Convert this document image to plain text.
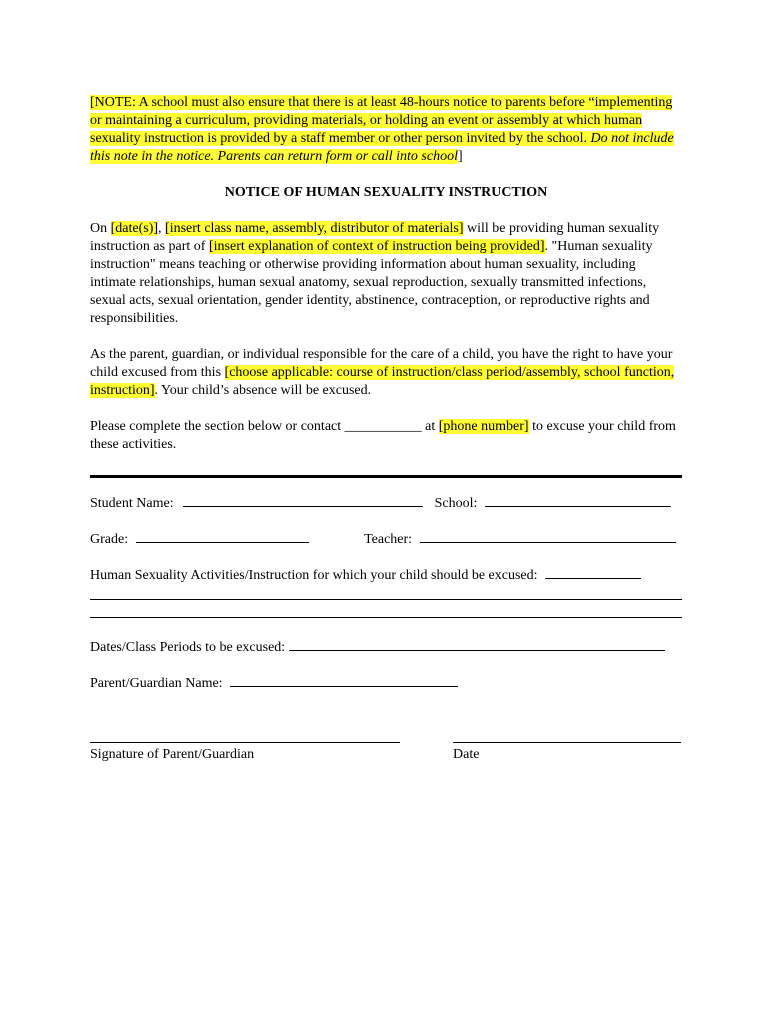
[NOTE: A school must also ensure that there is at least 48-hours notice to parents before “implementing or maintaining a curriculum, providing materials, or holding an event or assembly at which human sexuality instruction is provided by a staff member or other person invited by the school. Do not include this note in the notice. Parents can return form or call into school]

NOTICE OF HUMAN SEXUALITY INSTRUCTION

On [date(s)], [insert class name, assembly, distributor of materials] will be providing human sexuality instruction as part of [insert explanation of context of instruction being provided]. "Human sexuality instruction" means teaching or otherwise providing information about human sexuality, including intimate relationships, human sexual anatomy, sexual reproduction, sexually transmitted infections, sexual acts, sexual orientation, gender identity, abstinence, contraception, or reproductive rights and responsibilities.

As the parent, guardian, or individual responsible for the care of a child, you have the right to have your child excused from this [choose applicable: course of instruction/class period/assembly, school function, instruction]. Your child’s absence will be excused.

Please complete the section below or contact ___________ at [phone number] to excuse your child from these activities.

Student Name:	School:
Grade:	Teacher:
Human Sexuality Activities/Instruction for which your child should be excused:
Dates/Class Periods to be excused:
Parent/Guardian Name:
Signature of Parent/Guardian	Date
